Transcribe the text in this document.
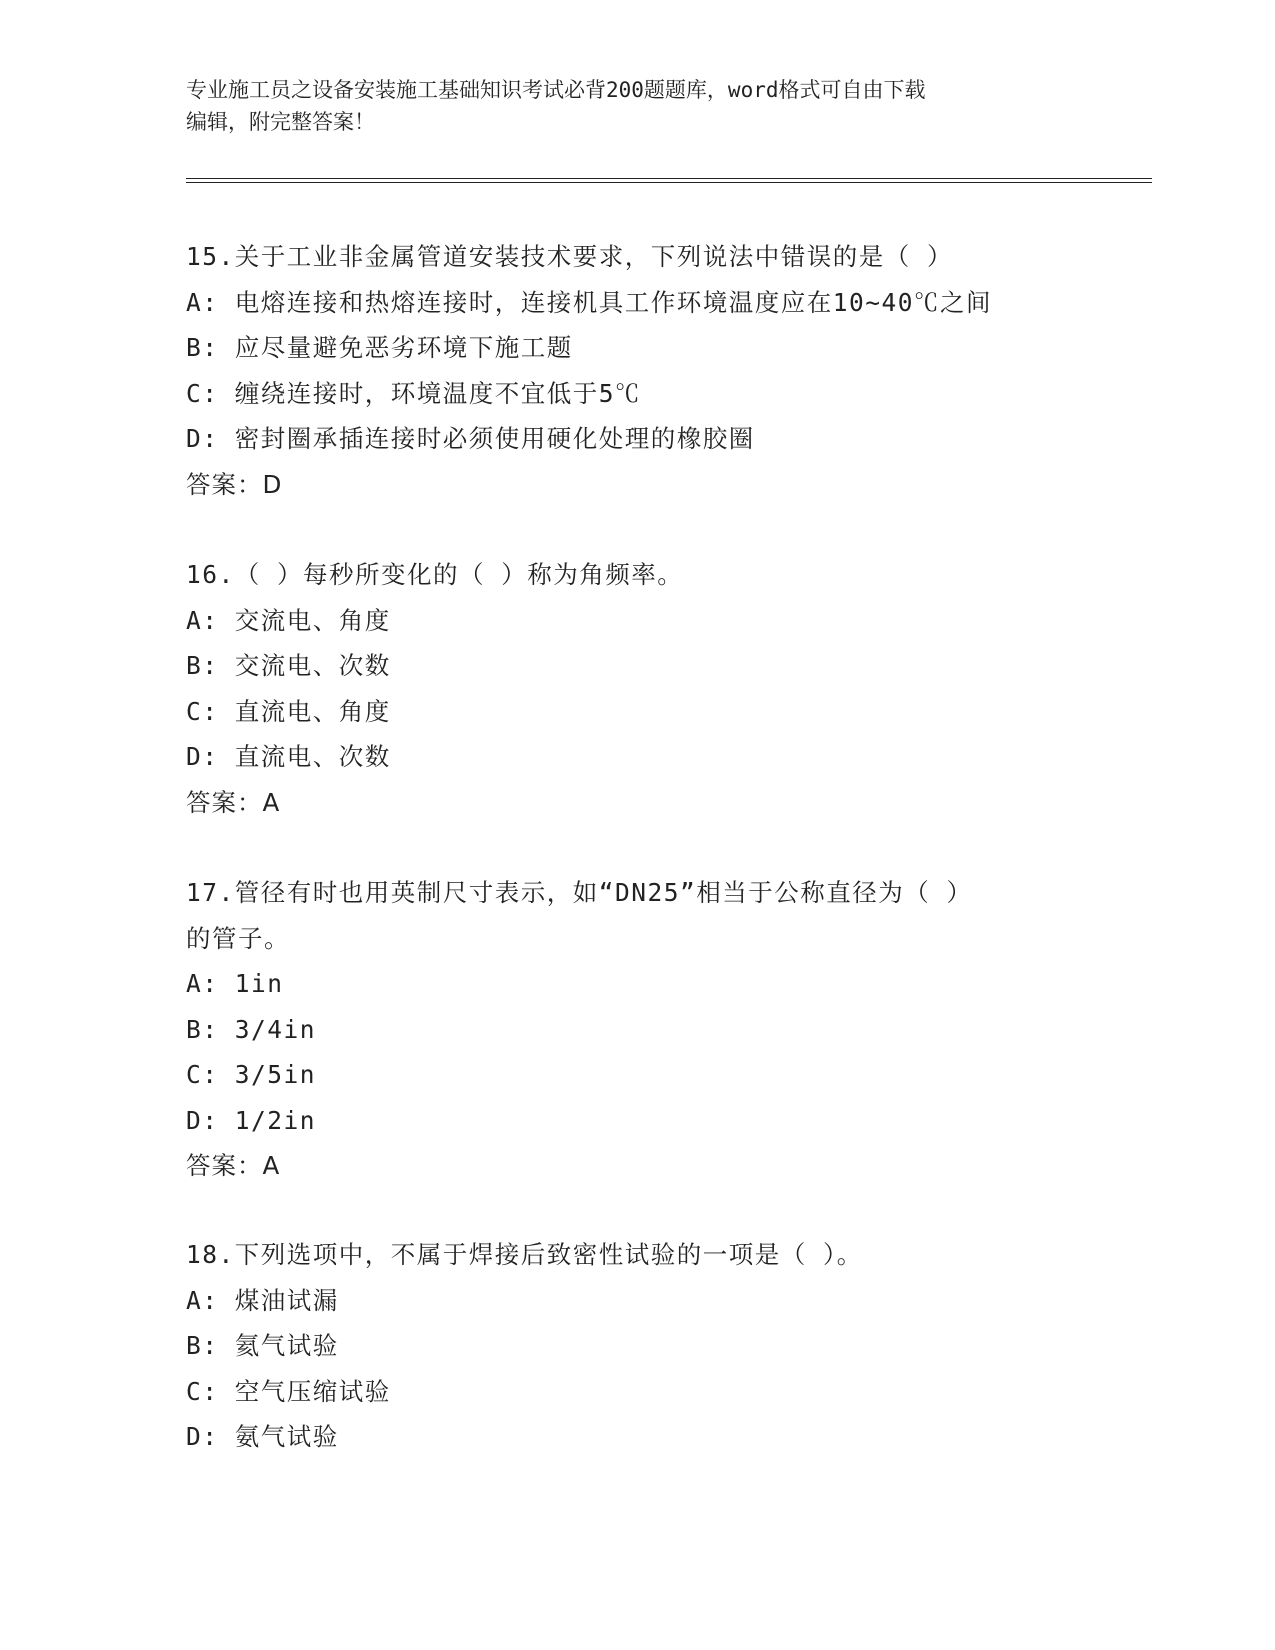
专业施工员之设备安装施工基础知识考试必背200题题库，word格式可自由下载
编辑，附完整答案！
15.关于工业非金属管道安装技术要求，下列说法中错误的是（ ）
A: 电熔连接和热熔连接时，连接机具工作环境温度应在10~40℃之间
B: 应尽量避免恶劣环境下施工题
C: 缠绕连接时，环境温度不宜低于5℃
D: 密封圈承插连接时必须使用硬化处理的橡胶圈
答案：D
16.（ ）每秒所变化的（ ）称为角频率。
A: 交流电、角度
B: 交流电、次数
C: 直流电、角度
D: 直流电、次数
答案：A
17.管径有时也用英制尺寸表示，如“DN25”相当于公称直径为（ ）
的管子。
A: 1in
B: 3/4in
C: 3/5in
D: 1/2in
答案：A
18.下列选项中，不属于焊接后致密性试验的一项是（ ）。
A: 煤油试漏
B: 氦气试验
C: 空气压缩试验
D: 氨气试验
